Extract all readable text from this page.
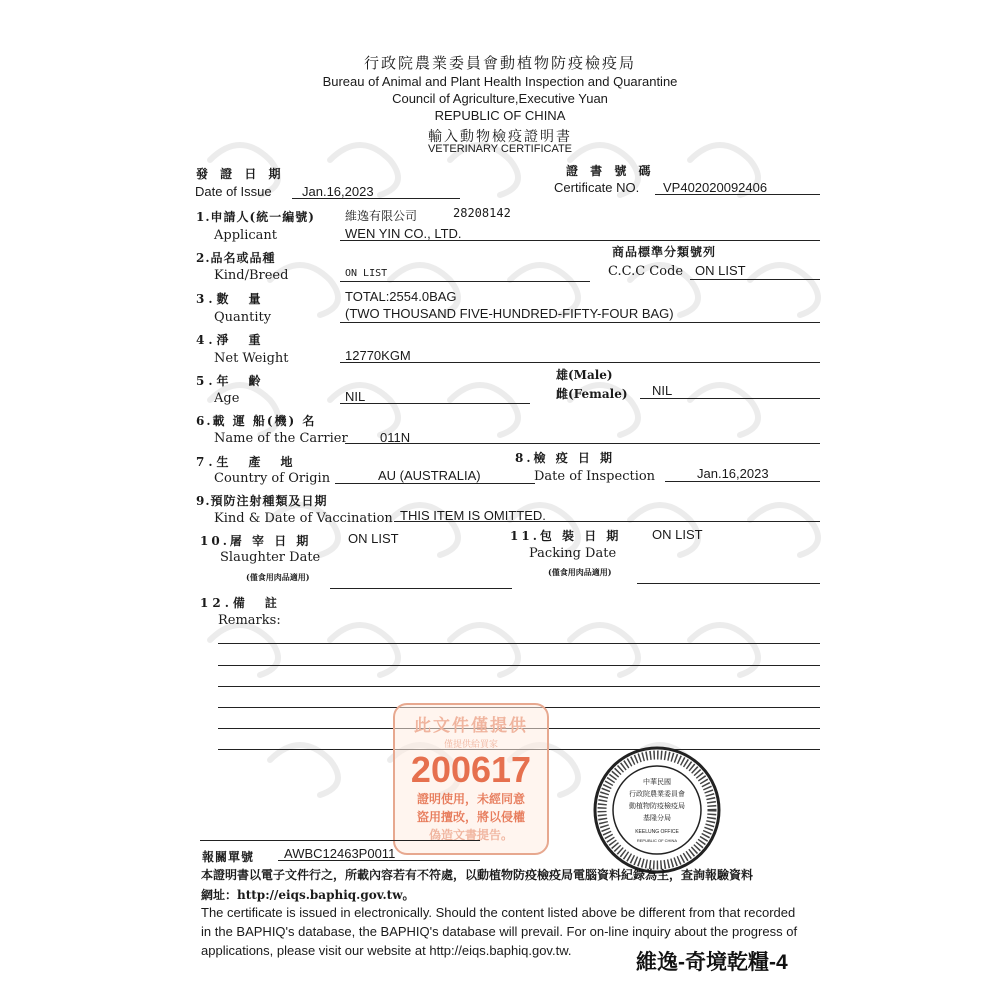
行政院農業委員會動植物防疫檢疫局
Bureau of Animal and Plant Health Inspection and Quarantine
Council of Agriculture,Executive Yuan
REPUBLIC OF CHINA
輸入動物檢疫證明書
VETERINARY CERTIFICATE
發 證 日 期
Date of Issue Jan.16,2023
證 書 號 碼
Certificate NO. VP402020092406
1.申請人(統一編號)	維逸有限公司	28208142
Applicant	WEN YIN CO., LTD.
2.品名或品種
Kind/Breed	ON LIST
商品標準分類號列
C.C.C Code ON LIST
3.數　量
Quantity
TOTAL:2554.0BAG
(TWO THOUSAND FIVE-HUNDRED-FIFTY-FOUR BAG)
4.淨　重
Net Weight	12770KGM
5.年　齡
Age	NIL
雄(Male)
雌(Female) NIL
6.載 運 船(機) 名
Name of the Carrier 011N
7.生　產　地
Country of Origin	AU (AUSTRALIA)
8.檢 疫 日 期
Date of Inspection	Jan.16,2023
9.預防注射種類及日期
Kind & Date of Vaccination THIS ITEM IS OMITTED.
10.屠 宰 日 期	ON LIST
Slaughter Date
(僅食用肉品適用)
11.包 裝 日 期 ON LIST
Packing Date
(僅食用肉品適用)
12.備　註
Remarks:
此文件僅提供
僅提供給買家
200617
證明使用，未經同意
盜用擅改，將以侵權
偽造文書提告。
中華民國
行政院農業委員會
動植物防疫檢疫局
基隆分局
KEELUNG OFFICE
REPUBLIC OF CHINA
報關單號 AWBC12463P0011
本證明書以電子文件行之，所載內容若有不符處，以動植物防疫檢疫局電腦資料紀錄為主，查詢報驗資料
網址：http://eiqs.baphiq.gov.tw。
The certificate is issued in electronically. Should the content listed above be different from that recorded
in the BAPHIQ's database, the BAPHIQ's database will prevail. For on-line inquiry about the progress of
applications, please visit our website at http://eiqs.baphiq.gov.tw.
維逸-奇境乾糧-4
